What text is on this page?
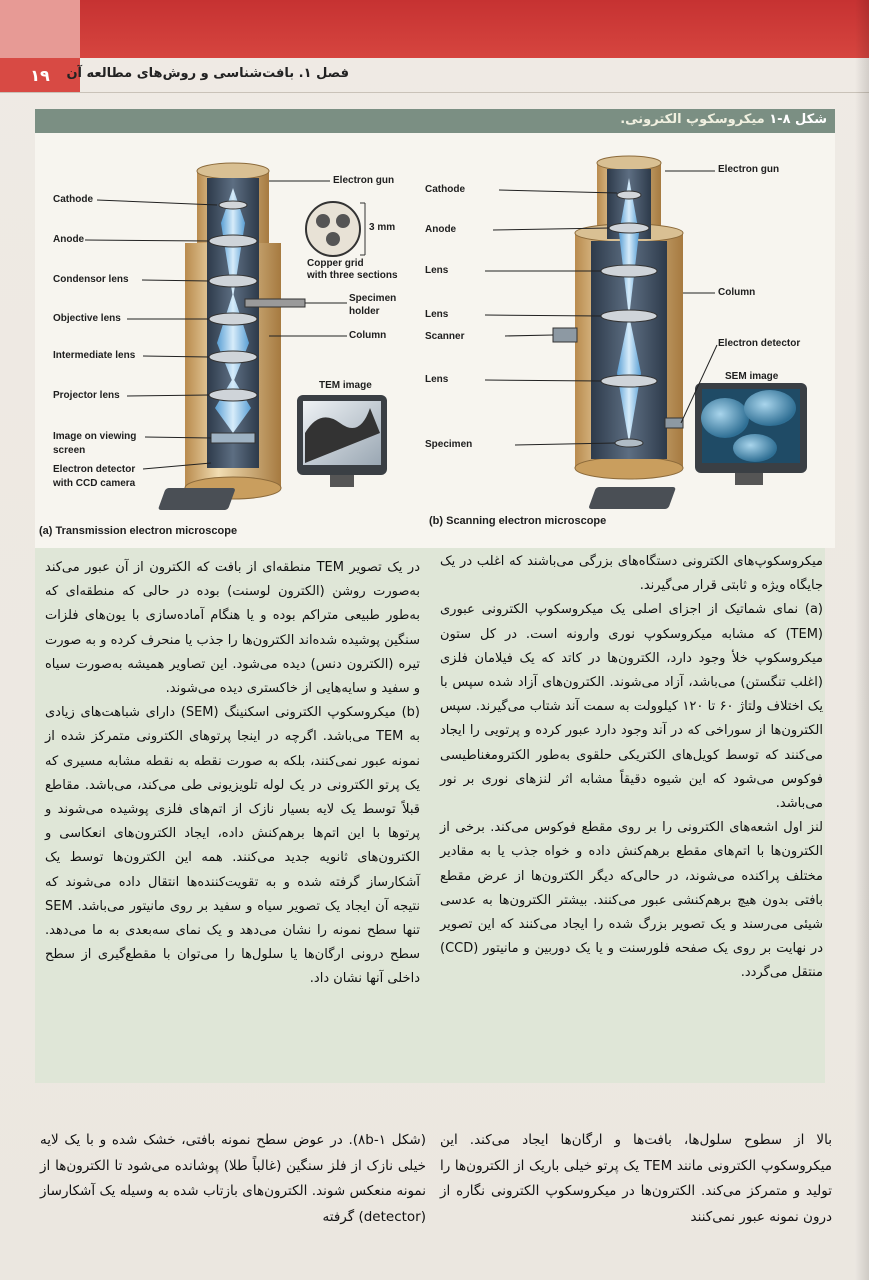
۱۹	فصل ۱. بافت‌شناسی و روش‌های مطالعه آن
شکل ۸-۱ میکروسکوپ الکترونی.
Cathode
Anode
Condensor lens
Objective lens
Intermediate lens
Projector lens
Image on viewing
screen
Electron detector
with CCD camera
Electron gun
3 mm
Copper grid
with three sections
Specimen
holder
Column
TEM image
(a) Transmission electron microscope
Cathode
Anode
Lens
Lens
Scanner
Lens
Specimen
Electron gun
Column
Electron detector
SEM image
(b) Scanning electron microscope

میکروسکوپ‌های الکترونی دستگاه‌های بزرگی می‌باشند که اغلب در یک جایگاه ویژه و ثابتی قرار می‌گیرند.

(a) نمای شماتیک از اجزای اصلی یک میکروسکوپ الکترونی عبوری (TEM) که مشابه میکروسکوپ نوری وارونه است. در کل ستون میکروسکوپ خلأ وجود دارد، الکترون‌ها در کاتد که یک فیلامان فلزی (اغلب تنگستن) می‌باشد، آزاد می‌شوند. الکترون‌های آزاد شده سپس با یک اختلاف ولتاژ ۶۰ تا ۱۲۰ کیلوولت به سمت آند شتاب می‌گیرند. سپس الکترون‌ها از سوراخی که در آند وجود دارد عبور کرده و پرتویی را ایجاد می‌کنند که توسط کویل‌های الکتریکی حلقوی به‌طور الکترومغناطیسی فوکوس می‌شود که این شیوه دقیقاً مشابه اثر لنزهای نوری بر نور می‌باشد.

لنز اول اشعه‌های الکترونی را بر روی مقطع فوکوس می‌کند. برخی از الکترون‌ها با اتم‌های مقطع برهم‌کنش داده و خواه جذب یا به مقادیر مختلف پراکنده می‌شوند، در حالی‌که دیگر الکترون‌ها از عرض مقطع بافتی بدون هیچ برهم‌کنشی عبور می‌کنند. بیشتر الکترون‌ها به عدسی شیئی می‌رسند و یک تصویر بزرگ شده را ایجاد می‌کنند که این تصویر در نهایت بر روی یک صفحه فلورسنت و یا یک دوربین و مانیتور (CCD) منتقل می‌گردد.

در یک تصویر TEM منطقه‌ای از بافت که الکترون از آن عبور می‌کند به‌صورت روشن (الکترون لوسنت) بوده در حالی که منطقه‌ای که به‌طور طبیعی متراکم بوده و یا هنگام آماده‌سازی با یون‌های فلزات سنگین پوشیده شده‌اند الکترون‌ها را جذب یا منحرف کرده و به صورت تیره (الکترون دنس) دیده می‌شود. این تصاویر همیشه به‌صورت سیاه و سفید و سایه‌هایی از خاکستری دیده می‌شوند.

(b) میکروسکوپ الکترونی اسکنینگ (SEM) دارای شباهت‌های زیادی به TEM می‌باشد. اگرچه در اینجا پرتوهای الکترونی متمرکز شده از نمونه عبور نمی‌کنند، بلکه به صورت نقطه به نقطه مشابه مسیری که یک پرتو الکترونی در یک لوله تلویزیونی طی می‌کند، می‌باشد. مقاطع قبلاً توسط یک لایه بسیار نازک از اتم‌های فلزی پوشیده می‌شوند و پرتوها با این اتم‌ها برهم‌کنش داده، ایجاد الکترون‌های انعکاسی و الکترون‌های ثانویه جدید می‌کنند. همه این الکترون‌ها توسط یک آشکارساز گرفته شده و به تقویت‌کننده‌ها انتقال داده می‌شوند که نتیجه آن ایجاد یک تصویر سیاه و سفید بر روی مانیتور می‌باشد. SEM تنها سطح نمونه را نشان می‌دهد و یک نمای سه‌بعدی به ما می‌دهد. سطح درونی ارگان‌ها یا سلول‌ها را می‌توان با مقطع‌گیری از سطح داخلی آنها نشان داد.

بالا از سطوح سلول‌ها، بافت‌ها و ارگان‌ها ایجاد می‌کند. این میکروسکوپ الکترونی مانند TEM یک پرتو خیلی باریک از الکترون‌ها را تولید و متمرکز می‌کند. الکترون‌ها در میکروسکوپ الکترونی نگاره از درون نمونه عبور نمی‌کنند

(شکل ۸b-۱). در عوض سطح نمونه بافتی، خشک شده و با یک لایه خیلی نازک از فلز سنگین (غالباً طلا) پوشانده می‌شود تا الکترون‌ها از نمونه منعکس شوند. الکترون‌های بازتاب شده به وسیله یک آشکارساز (detector) گرفته
